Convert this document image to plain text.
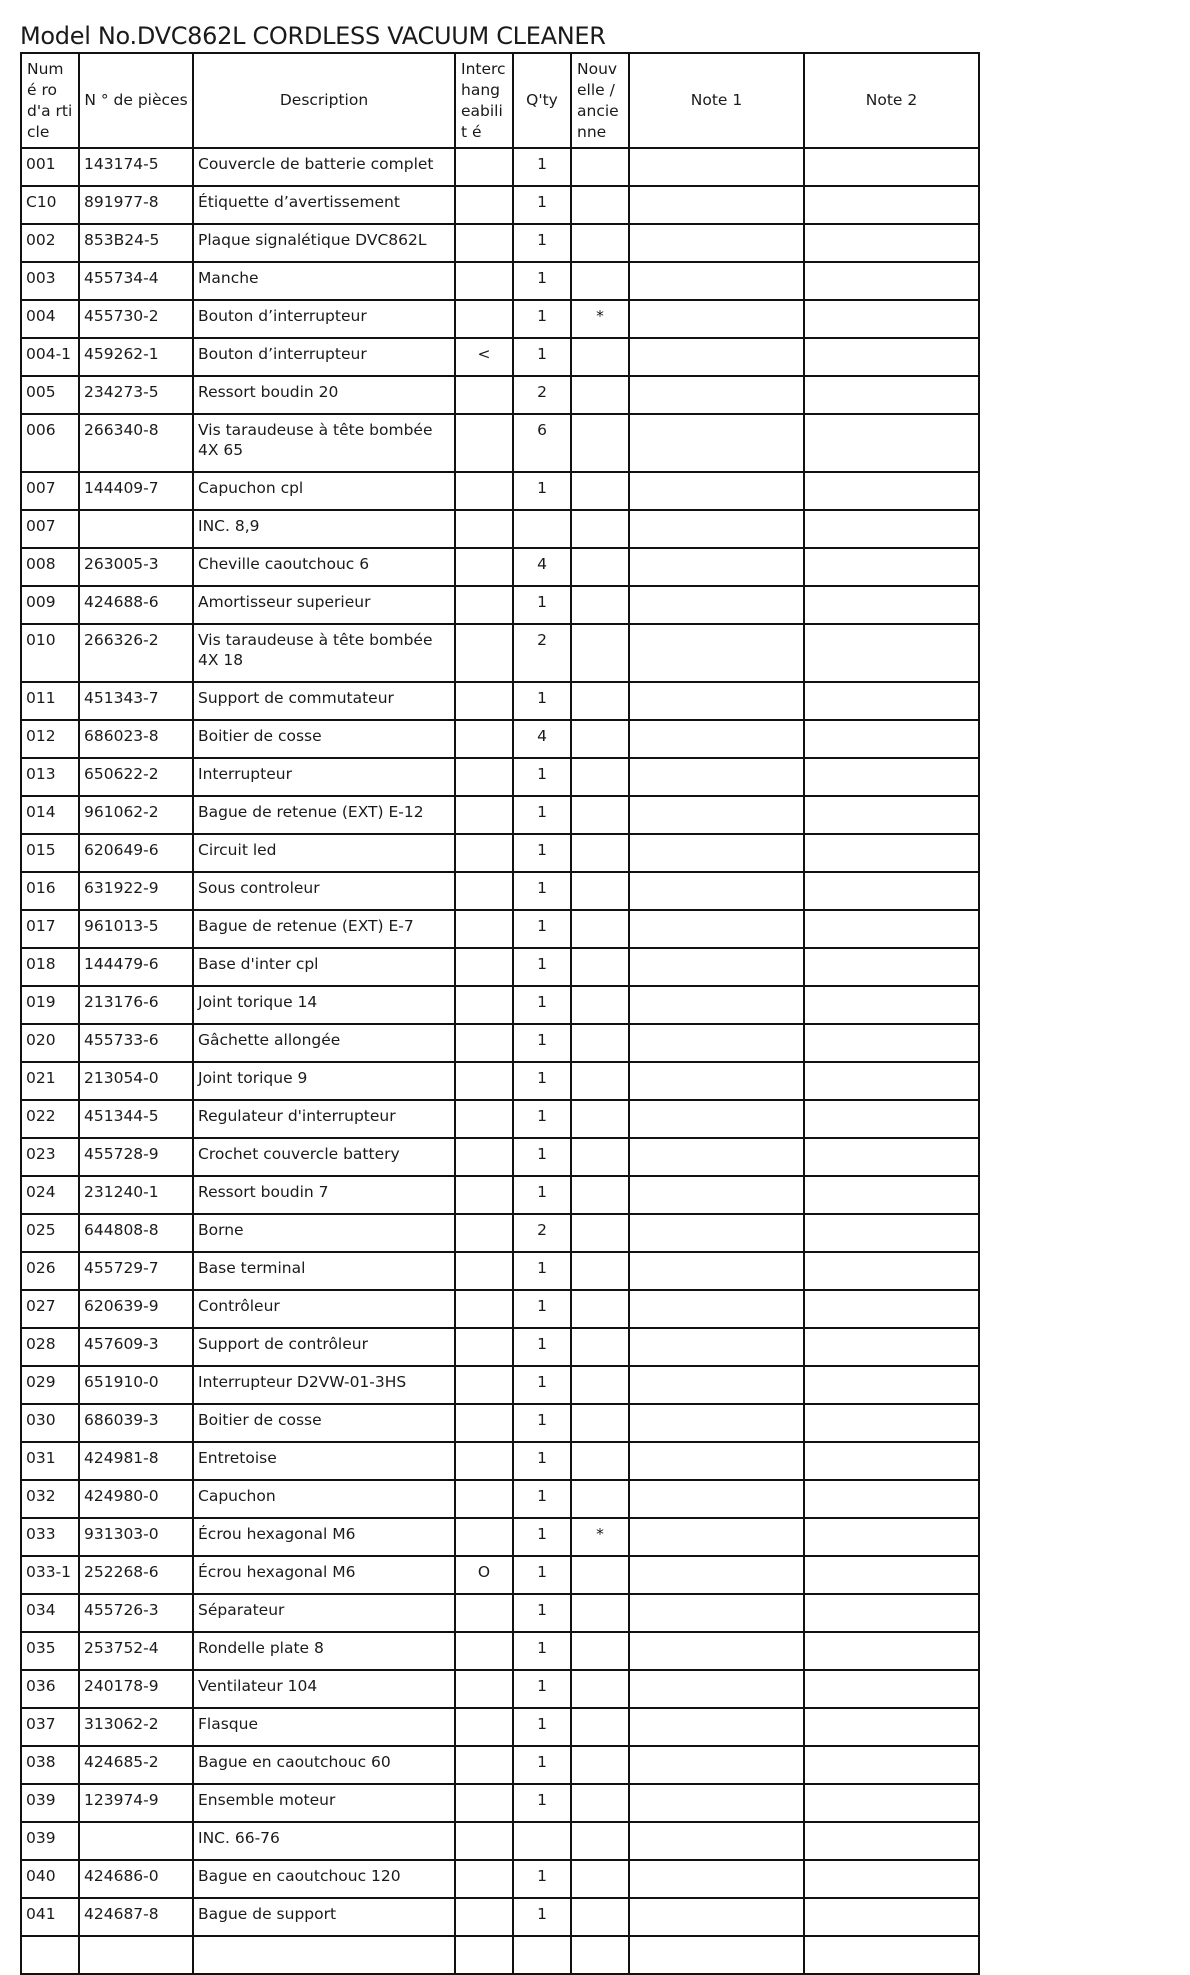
Model No.DVC862L CORDLESS VACUUM CLEANER
Numé ro d'a rticle	N ° de pièces	Description	Interc hang eabilit é	Q'ty	Nouv elle / ancie nne	Note 1	Note 2
001	143174-5	Couvercle de batterie complet		1			
C10	891977-8	Étiquette d’avertissement		1			
002	853B24-5	Plaque signalétique DVC862L		1			
003	455734-4	Manche		1			
004	455730-2	Bouton d’interrupteur		1	*		
004-1	459262-1	Bouton d’interrupteur	<	1			
005	234273-5	Ressort boudin 20		2			
006	266340-8	Vis taraudeuse à tête bombée 4X 65		6			
007	144409-7	Capuchon cpl		1			
007		INC. 8,9					
008	263005-3	Cheville caoutchouc 6		4			
009	424688-6	Amortisseur superieur		1			
010	266326-2	Vis taraudeuse à tête bombée 4X 18		2			
011	451343-7	Support de commutateur		1			
012	686023-8	Boitier de cosse		4			
013	650622-2	Interrupteur		1			
014	961062-2	Bague de retenue (EXT) E-12		1			
015	620649-6	Circuit led		1			
016	631922-9	Sous controleur		1			
017	961013-5	Bague de retenue (EXT) E-7		1			
018	144479-6	Base d'inter cpl		1			
019	213176-6	Joint torique 14		1			
020	455733-6	Gâchette allongée		1			
021	213054-0	Joint torique 9		1			
022	451344-5	Regulateur d'interrupteur		1			
023	455728-9	Crochet couvercle battery		1			
024	231240-1	Ressort boudin 7		1			
025	644808-8	Borne		2			
026	455729-7	Base terminal		1			
027	620639-9	Contrôleur		1			
028	457609-3	Support de contrôleur		1			
029	651910-0	Interrupteur D2VW-01-3HS		1			
030	686039-3	Boitier de cosse		1			
031	424981-8	Entretoise		1			
032	424980-0	Capuchon		1			
033	931303-0	Écrou hexagonal M6		1	*		
033-1	252268-6	Écrou hexagonal M6	O	1			
034	455726-3	Séparateur		1			
035	253752-4	Rondelle plate 8		1			
036	240178-9	Ventilateur 104		1			
037	313062-2	Flasque		1			
038	424685-2	Bague en caoutchouc 60		1			
039	123974-9	Ensemble moteur		1			
039		INC. 66-76					
040	424686-0	Bague en caoutchouc 120		1			
041	424687-8	Bague de support		1			
